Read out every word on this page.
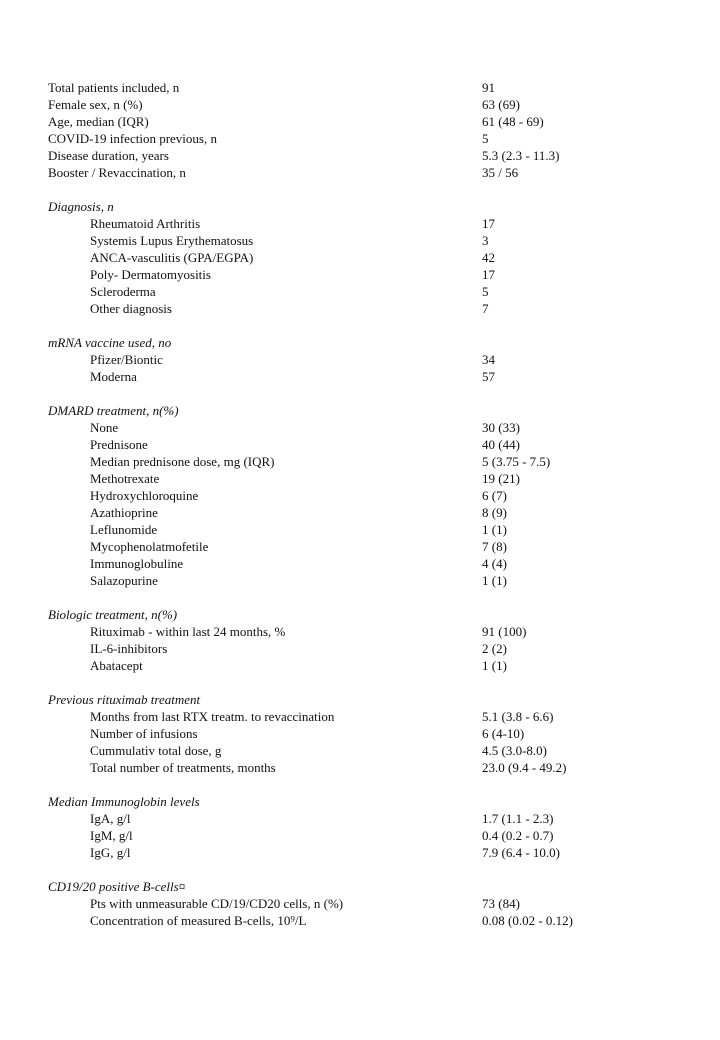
Total patients included, n	91
Female sex, n (%)	63 (69)
Age, median (IQR)	61 (48 - 69)
COVID-19 infection previous, n	5
Disease duration, years	5.3 (2.3 - 11.3)
Booster / Revaccination, n	35 / 56
Diagnosis, n
Rheumatoid Arthritis	17
Systemis Lupus Erythematosus	3
ANCA-vasculitis (GPA/EGPA)	42
Poly- Dermatomyositis	17
Scleroderma	5
Other diagnosis	7
mRNA vaccine used, no
Pfizer/Biontic	34
Moderna	57
DMARD treatment, n(%)
None	30 (33)
Prednisone	40 (44)
Median prednisone dose, mg (IQR)	5 (3.75 - 7.5)
Methotrexate	19 (21)
Hydroxychloroquine	6 (7)
Azathioprine	8 (9)
Leflunomide	1 (1)
Mycophenolatmofetile	7 (8)
Immunoglobuline	4 (4)
Salazopurine	1 (1)
Biologic treatment, n(%)
Rituximab - within last 24 months, %	91 (100)
IL-6-inhibitors	2 (2)
Abatacept	1 (1)
Previous rituximab treatment
Months from last RTX treatm. to revaccination	5.1 (3.8 - 6.6)
Number of infusions	6 (4-10)
Cummulativ total dose, g	4.5 (3.0-8.0)
Total number of treatments, months	23.0 (9.4 - 49.2)
Median Immunoglobin levels
IgA, g/l	1.7 (1.1 - 2.3)
IgM, g/l	0.4 (0.2 - 0.7)
IgG, g/l	7.9 (6.4 - 10.0)
CD19/20 positive B-cells¤
Pts with unmeasurable CD/19/CD20 cells, n (%)	73 (84)
Concentration of measured B-cells, 10⁹/L	0.08 (0.02 - 0.12)
